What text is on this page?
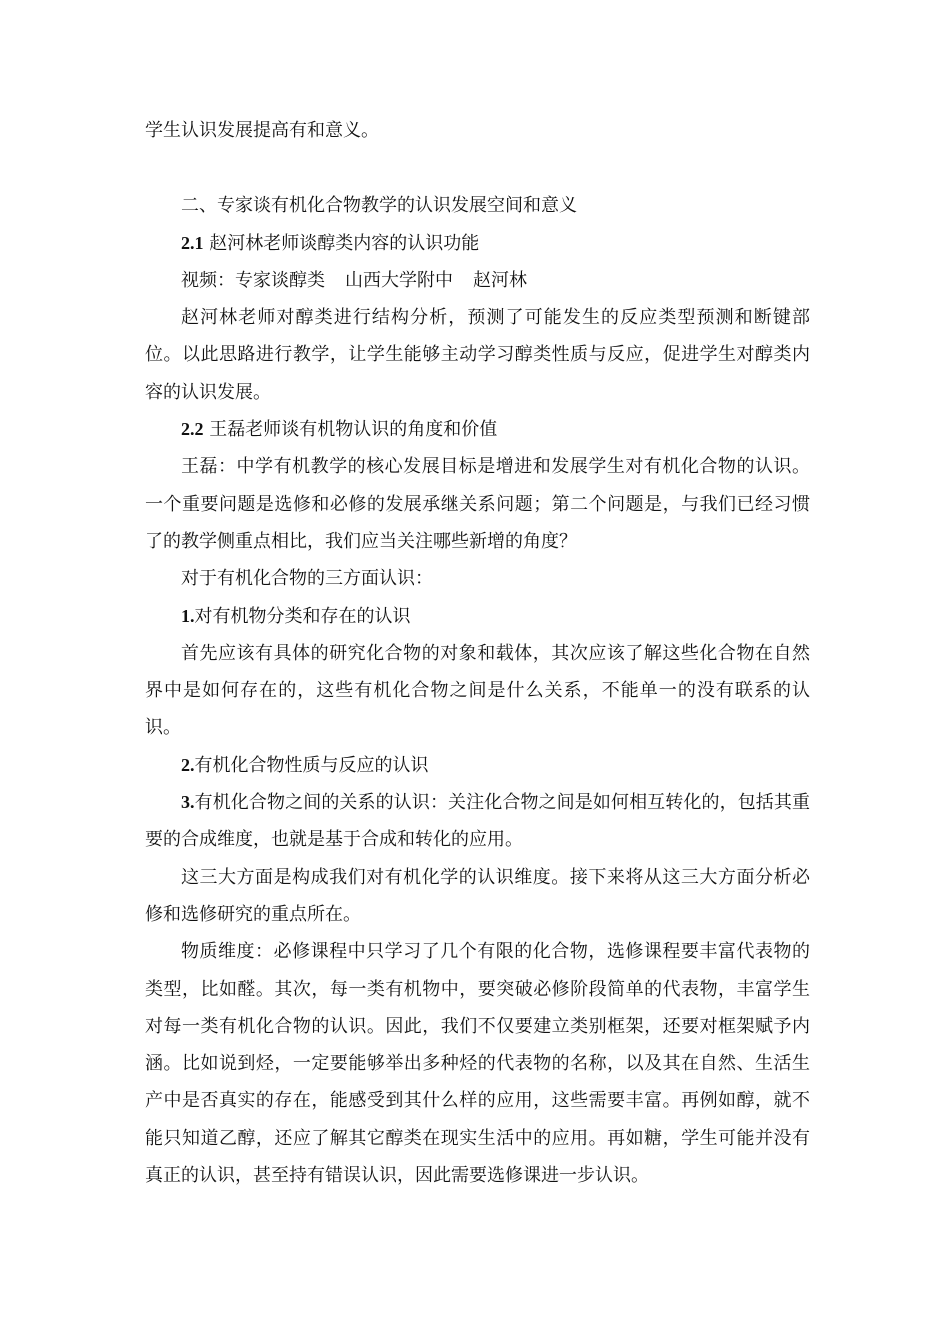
学生认识发展提高有和意义。

二、专家谈有机化合物教学的认识发展空间和意义

2.1 赵河林老师谈醇类内容的认识功能

视频：专家谈醇类 山西大学附中 赵河林

赵河林老师对醇类进行结构分析，预测了可能发生的反应类型预测和断键部位。以此思路进行教学，让学生能够主动学习醇类性质与反应，促进学生对醇类内容的认识发展。

2.2 王磊老师谈有机物认识的角度和价值

王磊：中学有机教学的核心发展目标是增进和发展学生对有机化合物的认识。一个重要问题是选修和必修的发展承继关系问题；第二个问题是，与我们已经习惯了的教学侧重点相比，我们应当关注哪些新增的角度？

对于有机化合物的三方面认识：

1.对有机物分类和存在的认识

首先应该有具体的研究化合物的对象和载体，其次应该了解这些化合物在自然界中是如何存在的，这些有机化合物之间是什么关系，不能单一的没有联系的认识。

2.有机化合物性质与反应的认识

3.有机化合物之间的关系的认识：关注化合物之间是如何相互转化的，包括其重要的合成维度，也就是基于合成和转化的应用。

这三大方面是构成我们对有机化学的认识维度。接下来将从这三大方面分析必修和选修研究的重点所在。

物质维度：必修课程中只学习了几个有限的化合物，选修课程要丰富代表物的类型，比如醛。其次，每一类有机物中，要突破必修阶段简单的代表物，丰富学生对每一类有机化合物的认识。因此，我们不仅要建立类别框架，还要对框架赋予内涵。比如说到烃，一定要能够举出多种烃的代表物的名称，以及其在自然、生活生产中是否真实的存在，能感受到其什么样的应用，这些需要丰富。再例如醇，就不能只知道乙醇，还应了解其它醇类在现实生活中的应用。再如糖，学生可能并没有真正的认识，甚至持有错误认识，因此需要选修课进一步认识。
